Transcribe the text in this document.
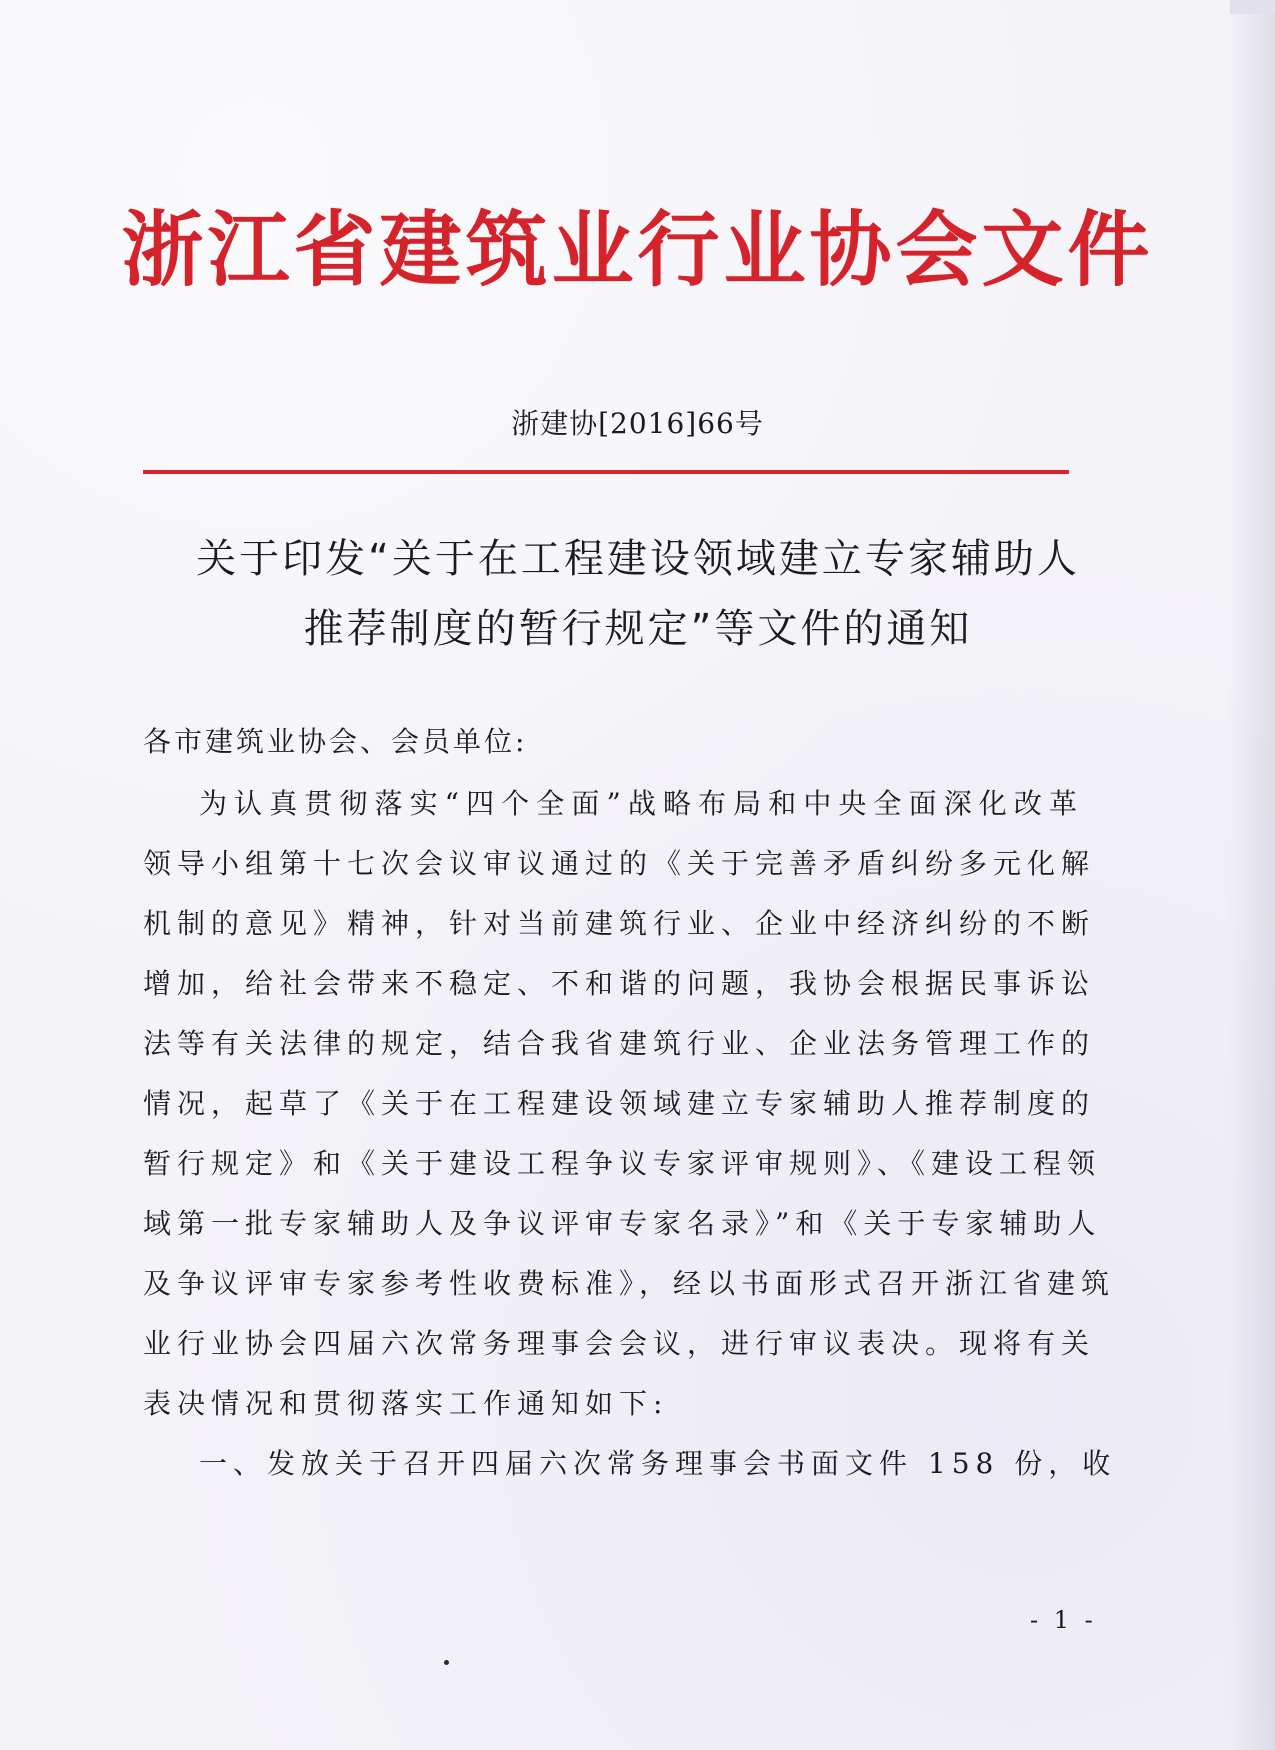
浙江省建筑业行业协会文件
浙建协[2016]66号
关于印发“关于在工程建设领域建立专家辅助人
推荐制度的暂行规定”等文件的通知
各市建筑业协会、会员单位:
为认真贯彻落实“四个全面”战略布局和中央全面深化改革
领导小组第十七次会议审议通过的《关于完善矛盾纠纷多元化解
机制的意见》精神，针对当前建筑行业、企业中经济纠纷的不断
增加，给社会带来不稳定、不和谐的问题，我协会根据民事诉讼
法等有关法律的规定，结合我省建筑行业、企业法务管理工作的
情况，起草了《关于在工程建设领域建立专家辅助人推荐制度的
暂行规定》和《关于建设工程争议专家评审规则》、《建设工程领
域第一批专家辅助人及争议评审专家名录》”和《关于专家辅助人
及争议评审专家参考性收费标准》，经以书面形式召开浙江省建筑
业行业协会四届六次常务理事会会议，进行审议表决。现将有关
表决情况和贯彻落实工作通知如下:
一、发放关于召开四届六次常务理事会书面文件 158 份，收
- 1 -
